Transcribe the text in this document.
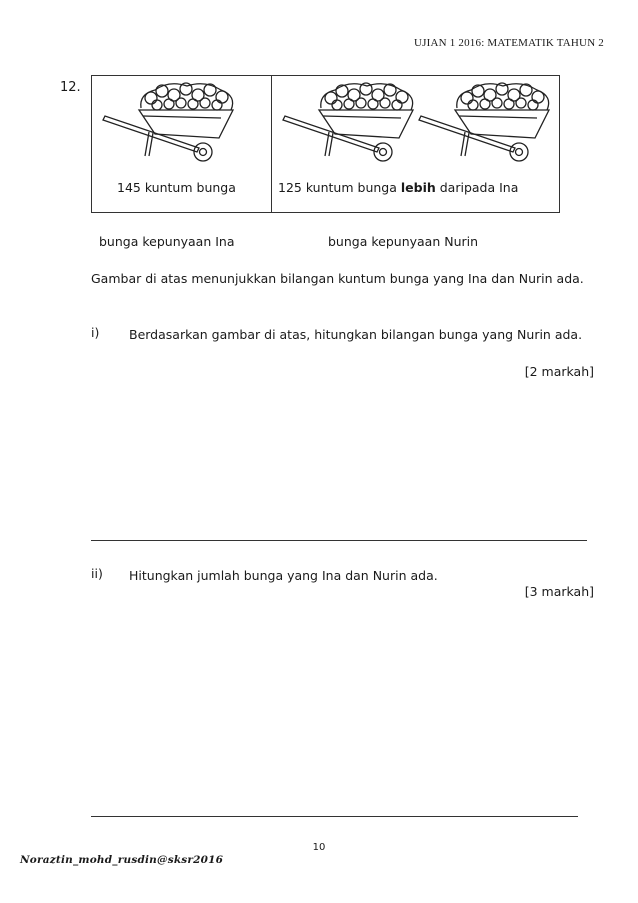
UJIAN 1 2016: MATEMATIK TAHUN 2
12.
145 kuntum bunga	125 kuntum bunga lebih daripada Ina
bunga kepunyaan Ina	bunga kepunyaan Nurin
Gambar di atas menunjukkan bilangan kuntum bunga yang Ina dan Nurin ada.
i) Berdasarkan gambar di atas, hitungkan bilangan bunga yang Nurin ada.
[2 markah]
ii) Hitungkan jumlah bunga yang Ina dan Nurin ada.
[3 markah]
10
Noraztin_mohd_rusdin@sksr2016
